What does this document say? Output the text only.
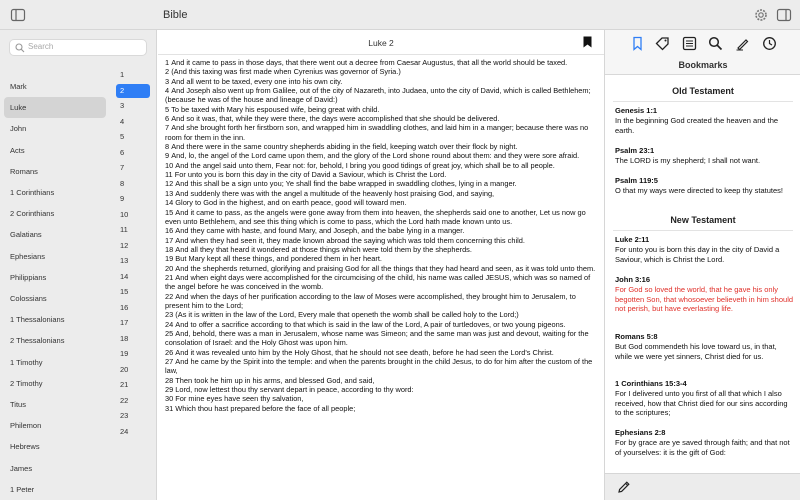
Bible
Search
Mark
Luke
John
Acts
Romans
1 Corinthians
2 Corinthians
Galatians
Ephesians
Philippians
Colossians
1 Thessalonians
2 Thessalonians
1 Timothy
2 Timothy
Titus
Philemon
Hebrews
James
1 Peter
1
2
3
4
5
6
7
8
9
10
11
12
13
14
15
16
17
18
19
20
21
22
23
24
Luke 2
1 And it came to pass in those days, that there went out a decree from Caesar Augustus, that all the world should be taxed.
2 (And this taxing was first made when Cyrenius was governor of Syria.)
3 And all went to be taxed, every one into his own city.
4 And Joseph also went up from Galilee, out of the city of Nazareth, into Judaea, unto the city of David, which is called Bethlehem; (because he was of the house and lineage of David:)
5 To be taxed with Mary his espoused wife, being great with child.
6 And so it was, that, while they were there, the days were accomplished that she should be delivered.
7 And she brought forth her firstborn son, and wrapped him in swaddling clothes, and laid him in a manger; because there was no room for them in the inn.
8 And there were in the same country shepherds abiding in the field, keeping watch over their flock by night.
9 And, lo, the angel of the Lord came upon them, and the glory of the Lord shone round about them: and they were sore afraid.
10 And the angel said unto them, Fear not: for, behold, I bring you good tidings of great joy, which shall be to all people.
11 For unto you is born this day in the city of David a Saviour, which is Christ the Lord.
12 And this shall be a sign unto you; Ye shall find the babe wrapped in swaddling clothes, lying in a manger.
13 And suddenly there was with the angel a multitude of the heavenly host praising God, and saying,
14 Glory to God in the highest, and on earth peace, good will toward men.
15 And it came to pass, as the angels were gone away from them into heaven, the shepherds said one to another, Let us now go even unto Bethlehem, and see this thing which is come to pass, which the Lord hath made known unto us.
16 And they came with haste, and found Mary, and Joseph, and the babe lying in a manger.
17 And when they had seen it, they made known abroad the saying which was told them concerning this child.
18 And all they that heard it wondered at those things which were told them by the shepherds.
19 But Mary kept all these things, and pondered them in her heart.
20 And the shepherds returned, glorifying and praising God for all the things that they had heard and seen, as it was told unto them.
21 And when eight days were accomplished for the circumcising of the child, his name was called JESUS, which was so named of the angel before he was conceived in the womb.
22 And when the days of her purification according to the law of Moses were accomplished, they brought him to Jerusalem, to present him to the Lord;
23 (As it is written in the law of the Lord, Every male that openeth the womb shall be called holy to the Lord;)
24 And to offer a sacrifice according to that which is said in the law of the Lord, A pair of turtledoves, or two young pigeons.
25 And, behold, there was a man in Jerusalem, whose name was Simeon; and the same man was just and devout, waiting for the consolation of Israel: and the Holy Ghost was upon him.
26 And it was revealed unto him by the Holy Ghost, that he should not see death, before he had seen the Lord's Christ.
27 And he came by the Spirit into the temple: and when the parents brought in the child Jesus, to do for him after the custom of the law,
28 Then took he him up in his arms, and blessed God, and said,
29 Lord, now lettest thou thy servant depart in peace, according to thy word:
30 For mine eyes have seen thy salvation,
31 Which thou hast prepared before the face of all people;
Bookmarks
Old Testament
Genesis 1:1
In the beginning God created the heaven and the earth.
Psalm 23:1
The LORD is my shepherd; I shall not want.
Psalm 119:5
O that my ways were directed to keep thy statutes!
New Testament
Luke 2:11
For unto you is born this day in the city of David a Saviour, which is Christ the Lord.
John 3:16
For God so loved the world, that he gave his only begotten Son, that whosoever believeth in him should not perish, but have everlasting life.
Romans 5:8
But God commendeth his love toward us, in that, while we were yet sinners, Christ died for us.
1 Corinthians 15:3-4
For I delivered unto you first of all that which I also received, how that Christ died for our sins according to the scriptures;
Ephesians 2:8
For by grace are ye saved through faith; and that not of yourselves: it is the gift of God:
